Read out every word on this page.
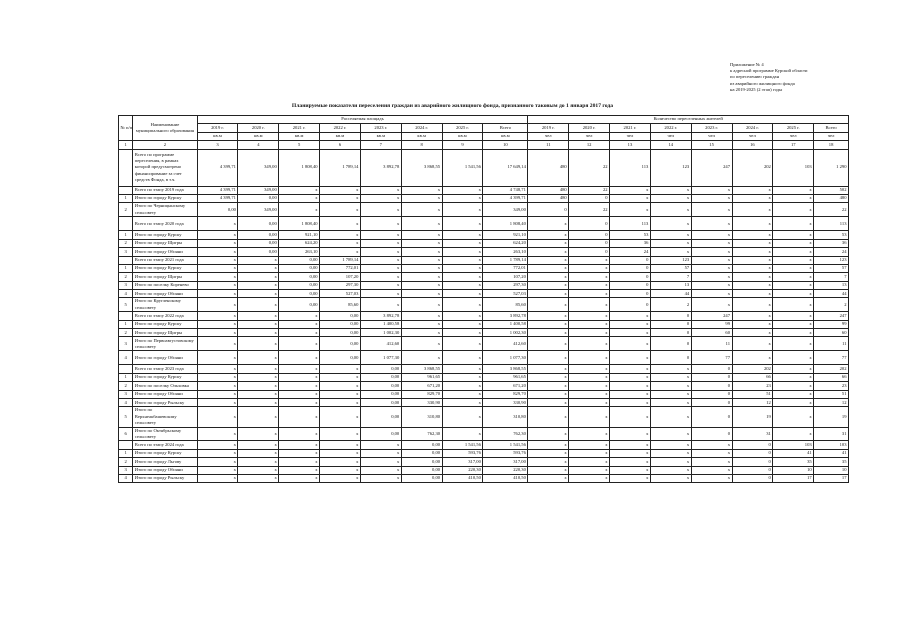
Приложение № 4
к адресной программе Курской области
по переселению граждан
из аварийного жилищного фонда
на 2019-2025 (2 этап) годы
Планируемые показатели переселения граждан из аварийного жилищного фонда, признанного таковым до 1 января 2017 года
№ п/п	Наименование муниципального образования	Расселяемая площадь								Количество переселенных жителей							
		2019 г.	2020 г.	2021 г.	2022 г.	2023 г.	2024 г.	2025 г.	Всего	2019 г.	2020 г.	2021 г.	2022 г.	2023 г.	2024 г.	2025 г.	Всего
		кв.м	кв.м	кв.м	кв.м	кв.м	кв.м	кв.м	кв.м	чел	чел	чел	чел	чел	чел	чел	чел
1	2	3	4	5	6	7	8	9	10	11	12	13	14	15	16	17	18
	Всего по программе переселения, в рамках которой предусмотрено финансирование за счет средств Фонда, в т.ч.	4 399,71	349,00	1 808,40	1 789,14	3 892,78	3 868,55	1 541,56	17 649,14	480	22	113	123	247	202	103	1 290
	Всего по этапу 2019 года	4 399,71	349,00	x	x	x	x	x	4 748,71	480	22	x	x	x	x	x	502
1	Итого по городу Курску	4 399,71	0,00	x	x	x	x	x	4 399,71	480	0	x	x	x	x	x	480
2	Итого по Черницынскому сельсовету	0,00	349,00	x	x	x	x	x	349,00	0	22	x	x	x	x	x	22
	Всего по этапу 2020 года	x	0,00	1 808,40	x	x	x	x	1 808,40	x	0	113	x	x	x	x	113
1	Итого по городу Курску	x	0,00	921,10	x	x	x	x	921,10	x	0	53	x	x	x	x	53
2	Итого по городу Щигры	x	0,00	624,20	x	x	x	x	624,20	x	0	36	x	x	x	x	36
3	Итого по городу Обояни	x	0,00	263,10	x	x	x	x	263,10	x	0	24	x	x	x	x	24
	Всего по этапу 2021 года	x	x	0,00	1 789,14	x	x	x	1 789,14	x	x	0	123	x	x	x	123
1	Итого по городу Курску	x	x	0,00	772,01	x	x	x	772,01	x	x	0	57	x	x	x	57
2	Итого по городу Щигры	x	x	0,00	107,20	x	x	x	107,20	x	x	0	7	x	x	x	7
3	Итого по поселку Коренево	x	x	0,00	297,30	x	x	x	297,30	x	x	0	13	x	x	x	13
4	Итого по городу Обояни	x	x	0,00	527,03	x	x	x	527,03	x	x	0	44	x	x	x	44
5	Итого по Кругленскому сельсовету	x	x	0,00	85,60	x	x	x	85,60	x	x	0	2	x	x	x	2
	Всего по этапу 2022 года	x	x	x	0,00	3 892,78	x	x	3 892,78	x	x	x	0	247	x	x	247
1	Итого по городу Курску	x	x	x	0,00	1 400,58	x	x	1 400,58	x	x	x	0	99	x	x	99
2	Итого по городу Щигры	x	x	x	0,00	1 002,30	x	x	1 002,30	x	x	x	0	60	x	x	60
3	Итого по Первоавгустовскому сельсовету	x	x	x	0,00	412,60	x	x	412,60	x	x	x	0	11	x	x	11
4	Итого по городу Обояни	x	x	x	0,00	1 077,30	x	x	1 077,30	x	x	x	0	77	x	x	77
	Всего по этапу 2023 года	x	x	x	x	0,00	3 868,55	x	3 868,55	x	x	x	x	0	202	x	202
1	Итого по городу Курску	x	x	x	x	0,00	961,65	x	961,65	x	x	x	x	0	66	x	66
2	Итого по поселку Ольховка	x	x	x	x	0,00	671,20	x	671,20	x	x	x	x	0	23	x	23
3	Итого по городу Обояни	x	x	x	x	0,00	829,70	x	829,70	x	x	x	x	0	51	x	51
4	Итого по городу Рыльску	x	x	x	x	0,00	330,90	x	330,90	x	x	x	x	0	12	x	12
5	Итого по Верхнеакбашевскому сельсовету	x	x	x	x	0,00	310,80	x	310,80	x	x	x	x	0	19	x	19
6	Итого по Октябрьскому сельсовету	x	x	x	x	0,00	762,30	x	762,30	x	x	x	x	0	31	x	31
	Всего по этапу 2024 года	x	x	x	x	x	0,00	1 541,56	1 541,56	x	x	x	x	x	0	103	103
1	Итого по городу Курску	x	x	x	x	x	0,00	593,76	593,76	x	x	x	x	x	0	41	41
2	Итого по городу Льгову	x	x	x	x	x	0,00	317,00	317,00	x	x	x	x	x	0	35	35
3	Итого по городу Обояни	x	x	x	x	x	0,00	220,30	220,30	x	x	x	x	x	0	10	10
4	Итого по городу Рыльску	x	x	x	x	x	0,00	410,50	410,50	x	x	x	x	x	0	17	17
